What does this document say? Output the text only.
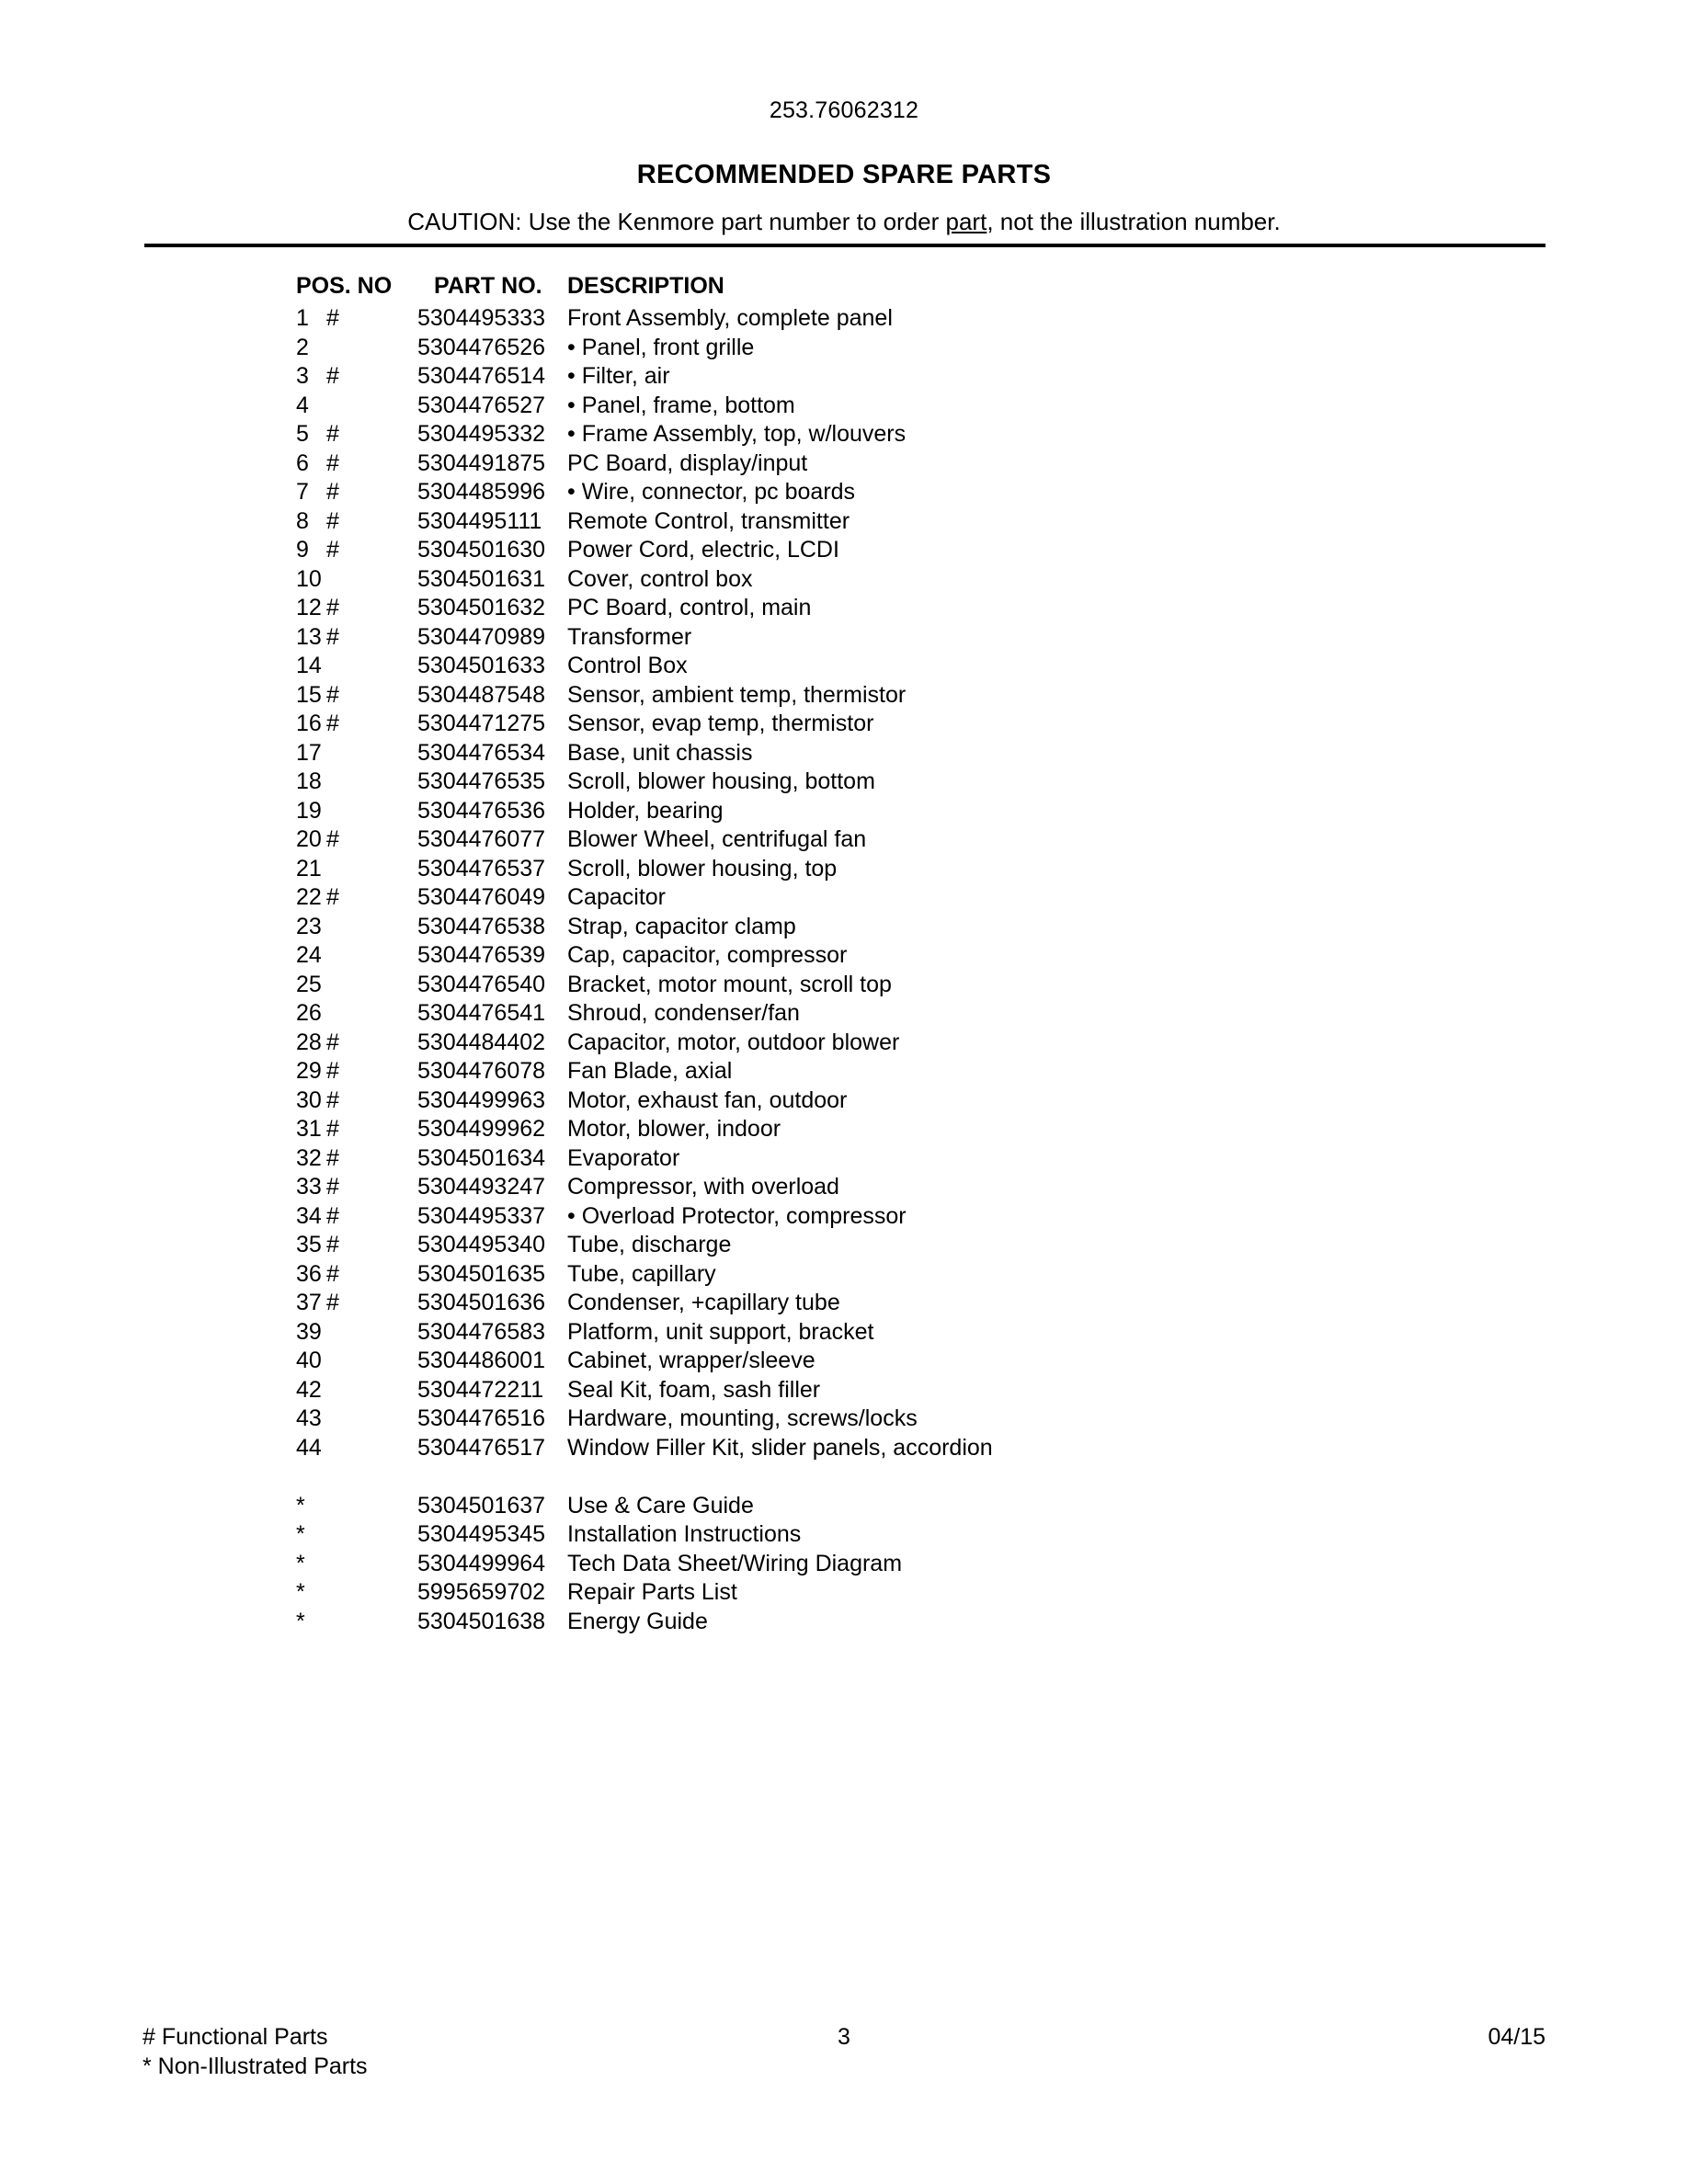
253.76062312
RECOMMENDED SPARE PARTS
CAUTION: Use the Kenmore part number to order part, not the illustration number.
POS. NO PART NO. DESCRIPTION
1 #	5304495333 Front Assembly, complete panel
2	5304476526 • Panel, front grille
3 #	5304476514 • Filter, air
4	5304476527 • Panel, frame, bottom
5 #	5304495332 • Frame Assembly, top, w/louvers
6 #	5304491875 PC Board, display/input
7 #	5304485996 • Wire, connector, pc boards
8 #	5304495111 Remote Control, transmitter
9 #	5304501630 Power Cord, electric, LCDI
10	5304501631 Cover, control box
12 #	5304501632 PC Board, control, main
13 #	5304470989 Transformer
14	5304501633 Control Box
15 #	5304487548 Sensor, ambient temp, thermistor
16 #	5304471275 Sensor, evap temp, thermistor
17	5304476534 Base, unit chassis
18	5304476535 Scroll, blower housing, bottom
19	5304476536 Holder, bearing
20 #	5304476077 Blower Wheel, centrifugal fan
21	5304476537 Scroll, blower housing, top
22 #	5304476049 Capacitor
23	5304476538 Strap, capacitor clamp
24	5304476539 Cap, capacitor, compressor
25	5304476540 Bracket, motor mount, scroll top
26	5304476541 Shroud, condenser/fan
28 #	5304484402 Capacitor, motor, outdoor blower
29 #	5304476078 Fan Blade, axial
30 #	5304499963 Motor, exhaust fan, outdoor
31 #	5304499962 Motor, blower, indoor
32 #	5304501634 Evaporator
33 #	5304493247 Compressor, with overload
34 #	5304495337 • Overload Protector, compressor
35 #	5304495340 Tube, discharge
36 #	5304501635 Tube, capillary
37 #	5304501636 Condenser, +capillary tube
39	5304476583 Platform, unit support, bracket
40	5304486001 Cabinet, wrapper/sleeve
42	5304472211 Seal Kit, foam, sash filler
43	5304476516 Hardware, mounting, screws/locks
44	5304476517 Window Filler Kit, slider panels, accordion
*	5304501637 Use & Care Guide
*	5304495345 Installation Instructions
*	5304499964 Tech Data Sheet/Wiring Diagram
*	5995659702 Repair Parts List
*	5304501638 Energy Guide
# Functional Parts
* Non-Illustrated Parts
3	04/15
